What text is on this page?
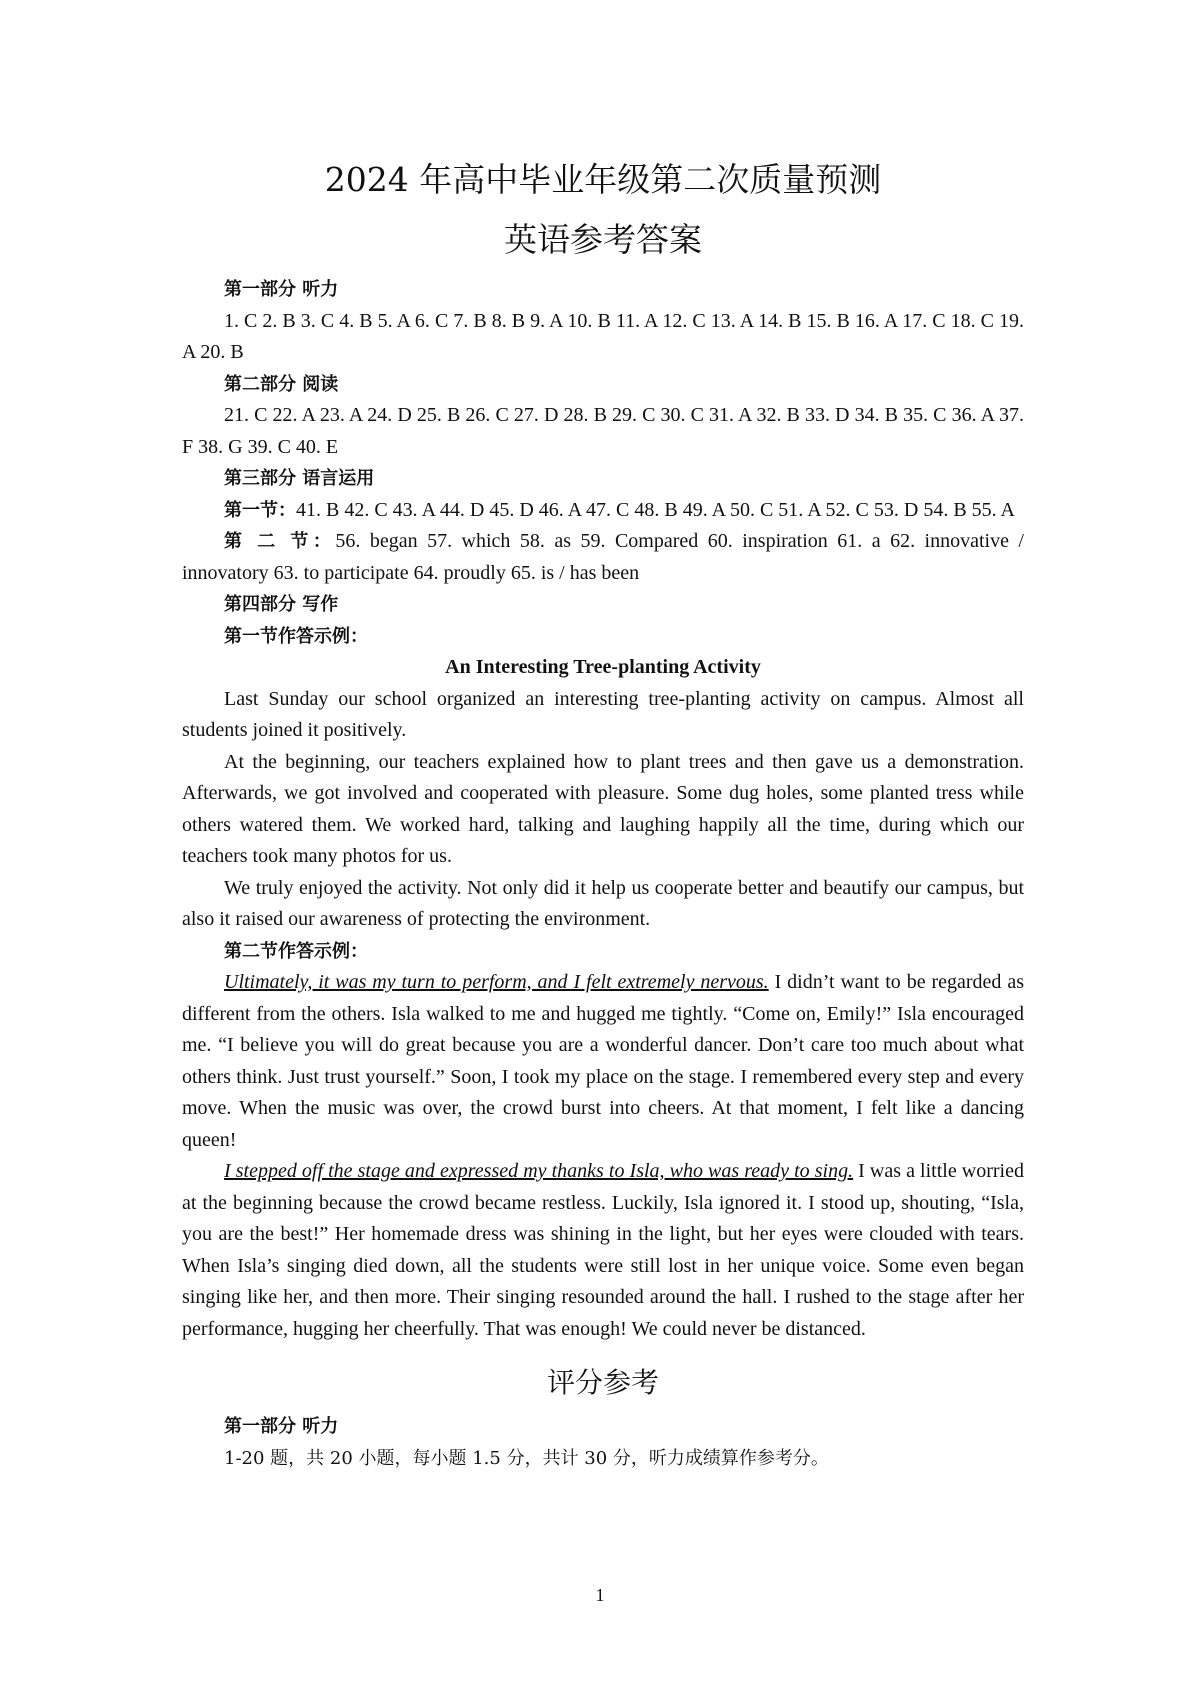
2024 年高中毕业年级第二次质量预测
英语参考答案

第一部分 听力

1. C 2. B 3. C 4. B 5. A 6. C 7. B 8. B 9. A 10. B 11. A 12. C 13. A 14. B 15. B 16. A 17. C 18. C 19. A 20. B

第二部分 阅读

21. C 22. A 23. A 24. D 25. B 26. C 27. D 28. B 29. C 30. C 31. A 32. B 33. D 34. B 35. C 36. A 37. F 38. G 39. C 40. E

第三部分 语言运用

第一节：41. B 42. C 43. A 44. D 45. D 46. A 47. C 48. B 49. A 50. C 51. A 52. C 53. D 54. B 55. A

第 二 节：56. began 57. which 58. as 59. Compared 60. inspiration 61. a 62. innovative / innovatory 63. to participate 64. proudly 65. is / has been

第四部分 写作

第一节作答示例：

An Interesting Tree-planting Activity

Last Sunday our school organized an interesting tree-planting activity on campus. Almost all students joined it positively.

At the beginning, our teachers explained how to plant trees and then gave us a demonstration. Afterwards, we got involved and cooperated with pleasure. Some dug holes, some planted tress while others watered them. We worked hard, talking and laughing happily all the time, during which our teachers took many photos for us.

We truly enjoyed the activity. Not only did it help us cooperate better and beautify our campus, but also it raised our awareness of protecting the environment.

第二节作答示例：

Ultimately, it was my turn to perform, and I felt extremely nervous. I didn’t want to be regarded as different from the others. Isla walked to me and hugged me tightly. “Come on, Emily!” Isla encouraged me. “I believe you will do great because you are a wonderful dancer. Don’t care too much about what others think. Just trust yourself.” Soon, I took my place on the stage. I remembered every step and every move. When the music was over, the crowd burst into cheers. At that moment, I felt like a dancing queen!

I stepped off the stage and expressed my thanks to Isla, who was ready to sing. I was a little worried at the beginning because the crowd became restless. Luckily, Isla ignored it. I stood up, shouting, “Isla, you are the best!” Her homemade dress was shining in the light, but her eyes were clouded with tears. When Isla’s singing died down, all the students were still lost in her unique voice. Some even began singing like her, and then more. Their singing resounded around the hall. I rushed to the stage after her performance, hugging her cheerfully. That was enough! We could never be distanced.

评分参考

第一部分 听力

1-20 题，共 20 小题，每小题 1.5 分，共计 30 分，听力成绩算作参考分。

1
